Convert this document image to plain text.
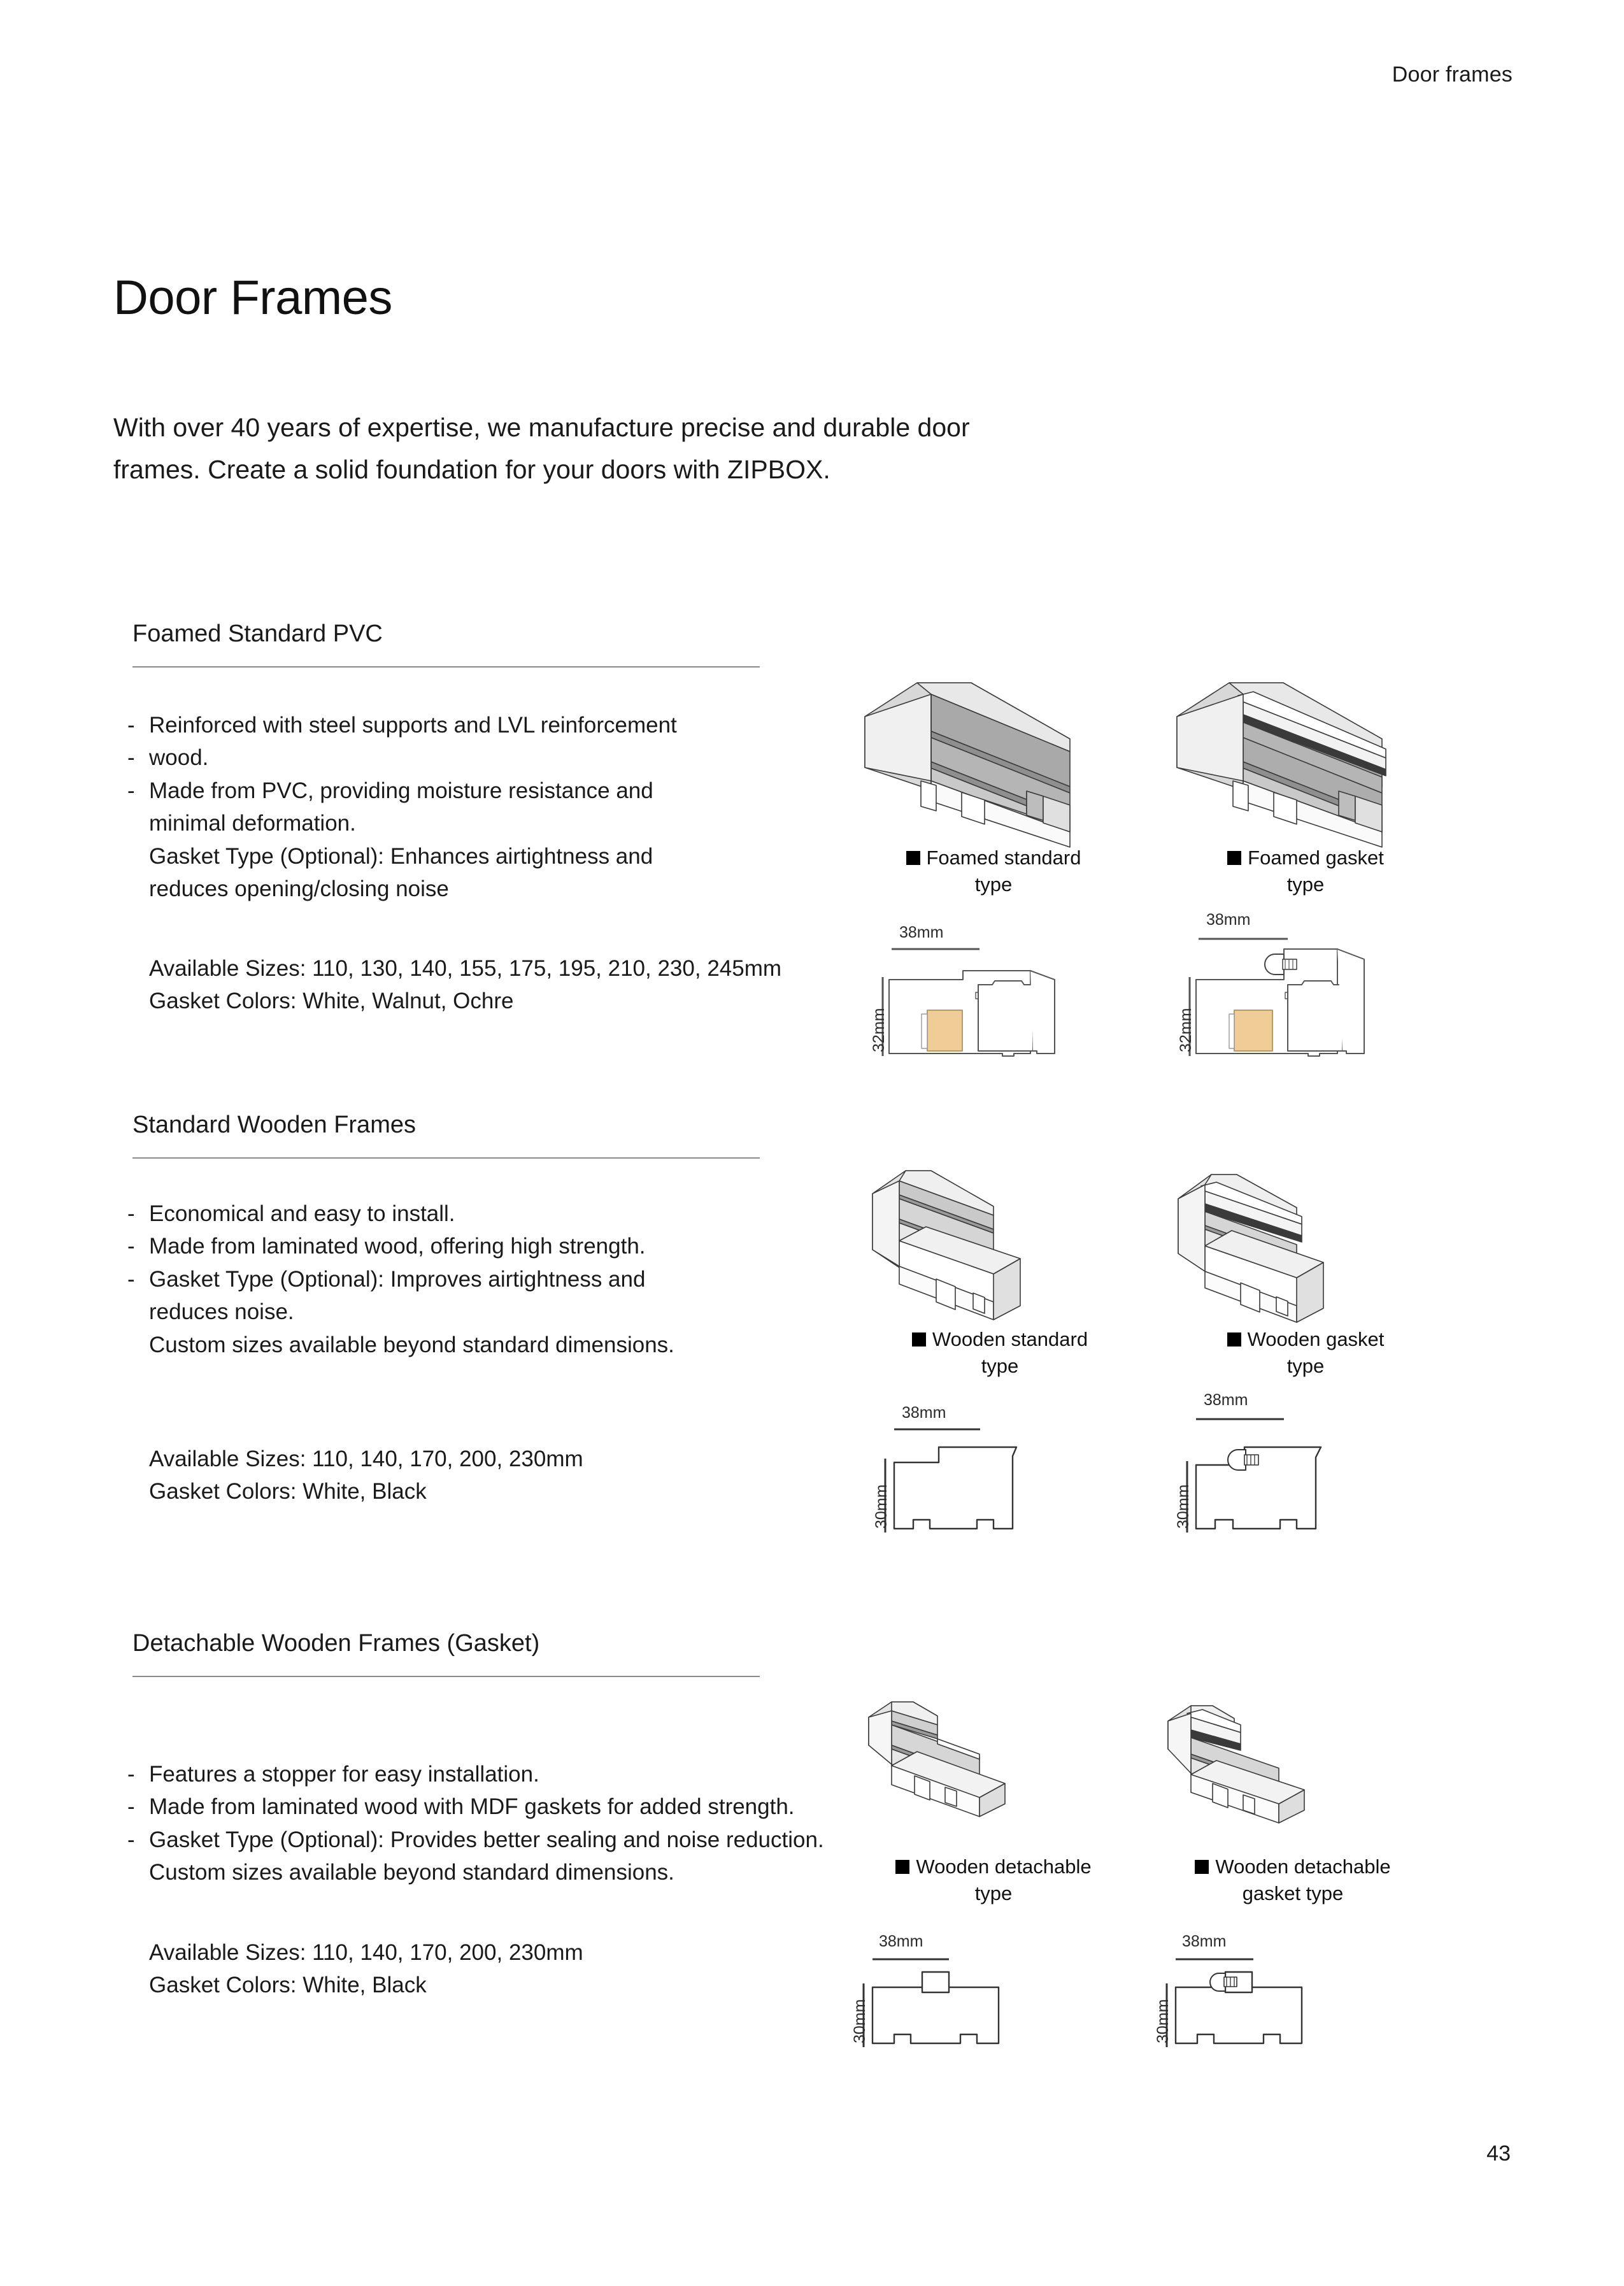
Door frames
Door Frames

With over 40 years of expertise, we manufacture precise and durable door frames. Create a solid foundation for your doors with ZIPBOX.

Foamed Standard PVC
- Reinforced with steel supports and LVL reinforcement
- wood.
- Made from PVC, providing moisture resistance and
minimal deformation.
Gasket Type (Optional): Enhances airtightness and
reduces opening/closing noise
Available Sizes: 110, 130, 140, 155, 175, 195, 210, 230, 245mm
Gasket Colors: White, Walnut, Ochre
Foamed standard
type
38mm
32mm
Foamed gasket
type
38mm
32mm
Standard Wooden Frames
- Economical and easy to install.
- Made from laminated wood, offering high strength.
- Gasket Type (Optional): Improves airtightness and
reduces noise.
Custom sizes available beyond standard dimensions.
Available Sizes: 110, 140, 170, 200, 230mm
Gasket Colors: White, Black
Wooden standard
type
38mm
30mm
Wooden gasket
type
38mm
30mm
Detachable Wooden Frames (Gasket)
- Features a stopper for easy installation.
- Made from laminated wood with MDF gaskets for added strength.
- Gasket Type (Optional): Provides better sealing and noise reduction.
Custom sizes available beyond standard dimensions.
Available Sizes: 110, 140, 170, 200, 230mm
Gasket Colors: White, Black
Wooden detachable
type
38mm
30mm
Wooden detachable
gasket type
38mm
30mm
43
